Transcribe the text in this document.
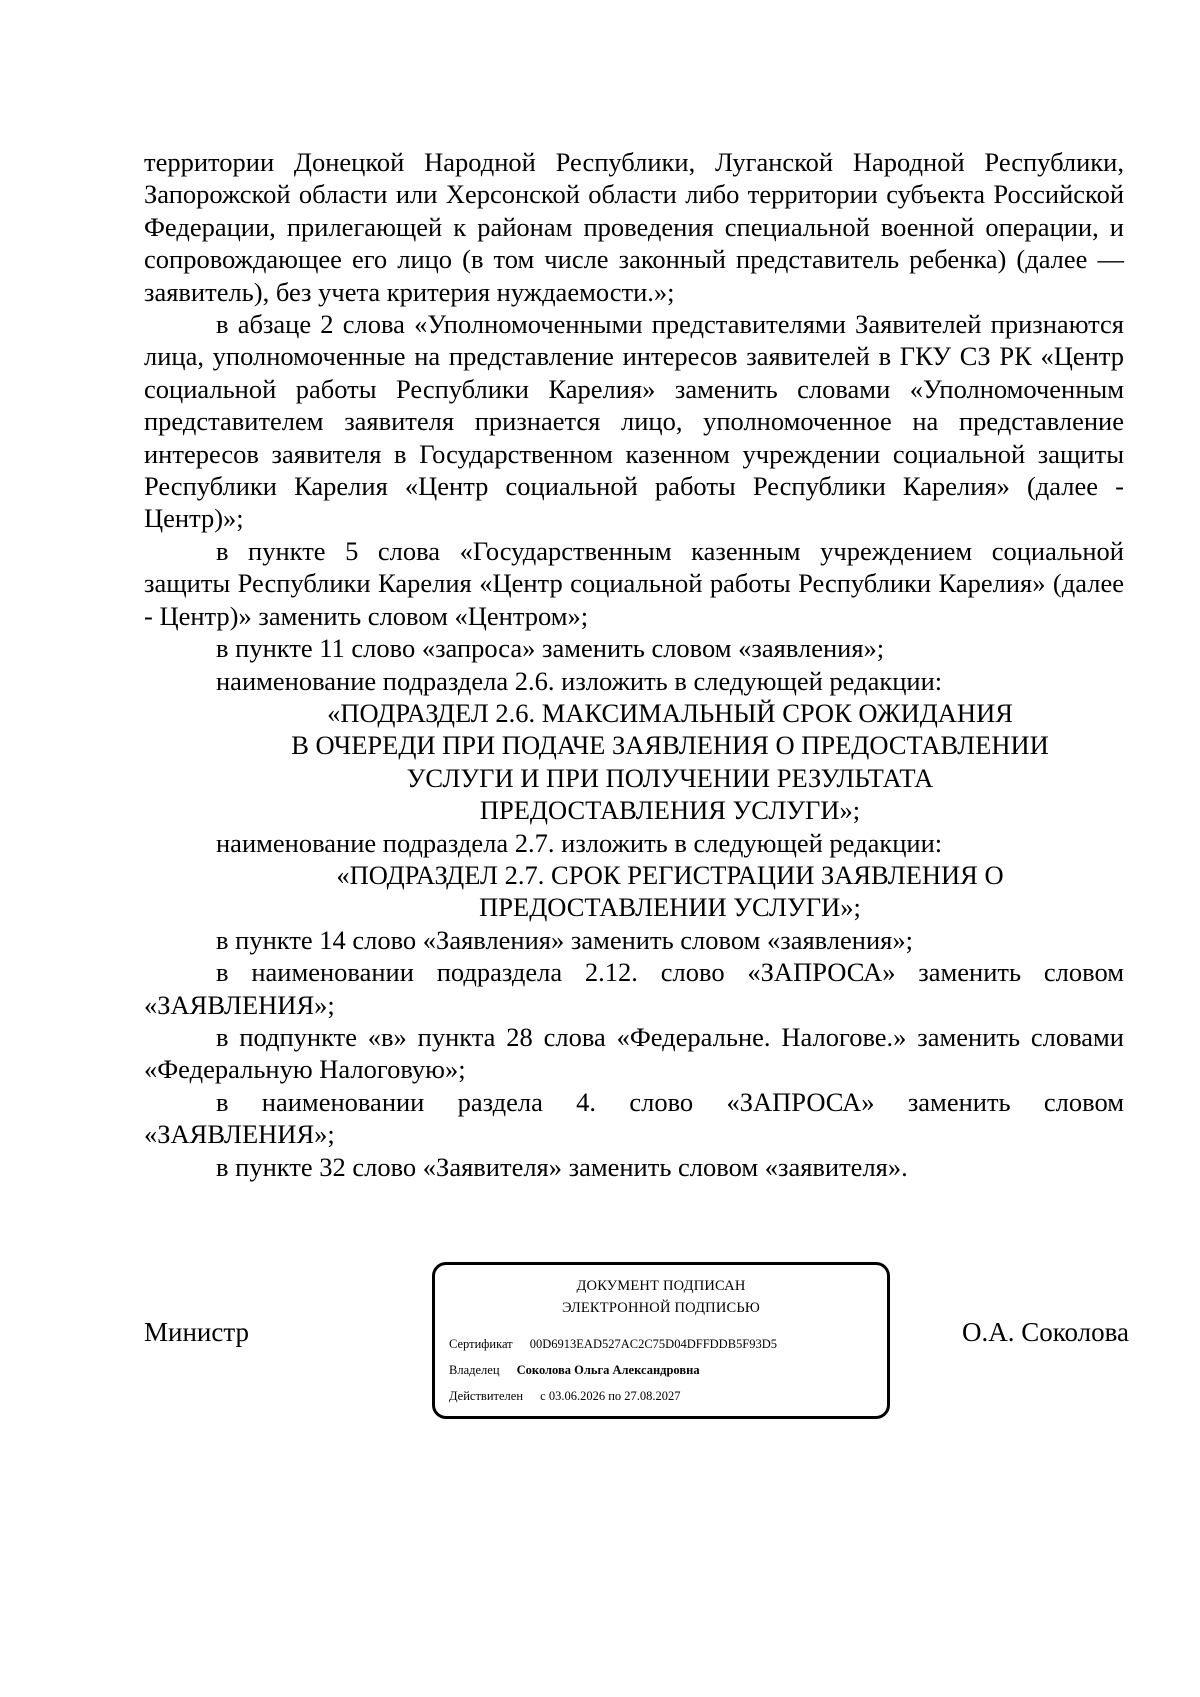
территории Донецкой Народной Республики, Луганской Народной Республики, Запорожской области или Херсонской области либо территории субъекта Российской Федерации, прилегающей к районам проведения специальной военной операции, и сопровождающее его лицо (в том числе законный представитель ребенка) (далее — заявитель), без учета критерия нуждаемости.»;

в абзаце 2 слова «Уполномоченными представителями Заявителей признаются лица, уполномоченные на представление интересов заявителей в ГКУ СЗ РК «Центр социальной работы Республики Карелия» заменить словами «Уполномоченным представителем заявителя признается лицо, уполномоченное на представление интересов заявителя в Государственном казенном учреждении социальной защиты Республики Карелия «Центр социальной работы Республики Карелия» (далее - Центр)»;

в пункте 5 слова «Государственным казенным учреждением социальной защиты Республики Карелия «Центр социальной работы Республики Карелия» (далее - Центр)» заменить словом «Центром»;

в пункте 11 слово «запроса» заменить словом «заявления»;

наименование подраздела 2.6. изложить в следующей редакции:

«ПОДРАЗДЕЛ 2.6. МАКСИМАЛЬНЫЙ СРОК ОЖИДАНИЯ
В ОЧЕРЕДИ ПРИ ПОДАЧЕ ЗАЯВЛЕНИЯ О ПРЕДОСТАВЛЕНИИ
УСЛУГИ И ПРИ ПОЛУЧЕНИИ РЕЗУЛЬТАТА
ПРЕДОСТАВЛЕНИЯ УСЛУГИ»;

наименование подраздела 2.7. изложить в следующей редакции:

«ПОДРАЗДЕЛ 2.7. СРОК РЕГИСТРАЦИИ ЗАЯВЛЕНИЯ О
ПРЕДОСТАВЛЕНИИ УСЛУГИ»;

в пункте 14 слово «Заявления» заменить словом «заявления»;

в наименовании подраздела 2.12. слово «ЗАПРОСА» заменить словом «ЗАЯВЛЕНИЯ»;

в подпункте «в» пункта 28 слова «Федеральне. Налогове.» заменить словами «Федеральную Налоговую»;

в наименовании раздела 4. слово «ЗАПРОСА» заменить словом «ЗАЯВЛЕНИЯ»;

в пункте 32 слово «Заявителя» заменить словом «заявителя».

Министр
ДОКУМЕНТ ПОДПИСАН
ЭЛЕКТРОННОЙ ПОДПИСЬЮ
Сертификат 00D6913EAD527AC2C75D04DFFDDB5F93D5
Владелец Соколова Ольга Александровна
Действителен с 03.06.2026 по 27.08.2027
О.А. Соколова
